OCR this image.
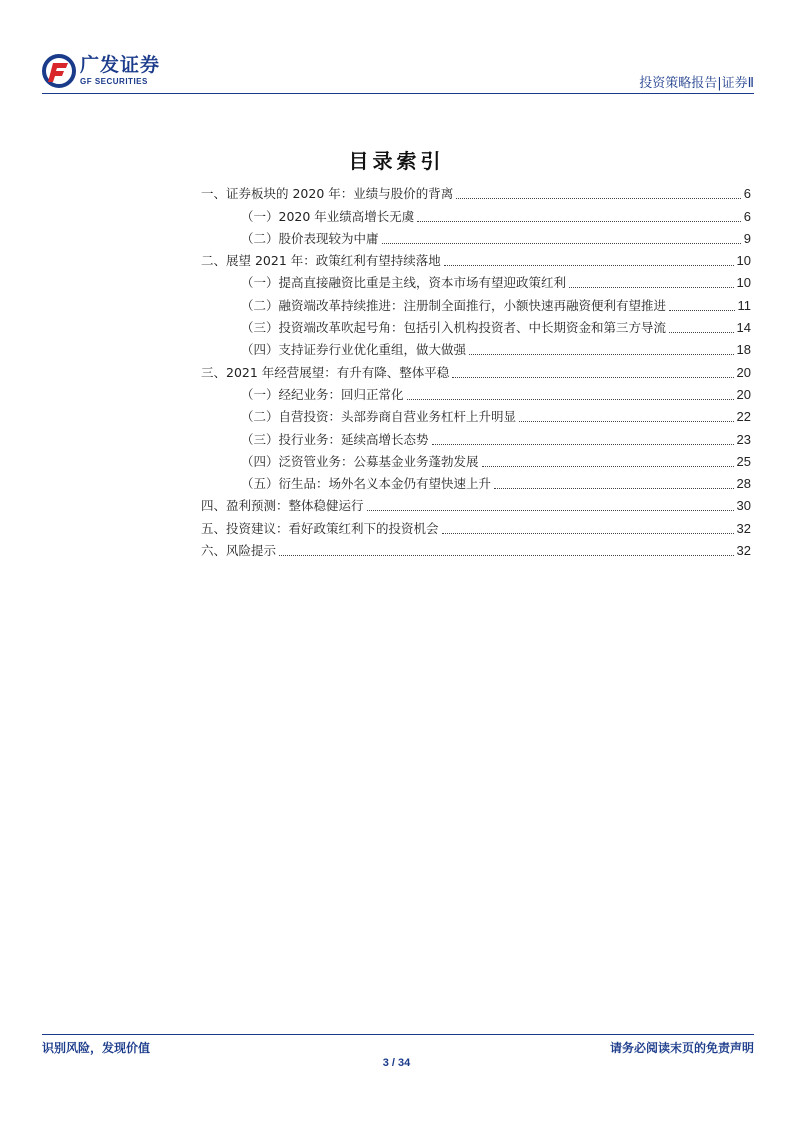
广发证券
GF SECURITIES	投资策略报告|证券Ⅱ
目录索引
一、证券板块的 2020 年：业绩与股价的背离	6
（一）2020 年业绩高增长无虞	6
（二）股价表现较为中庸	9
二、展望 2021 年：政策红利有望持续落地	10
（一）提高直接融资比重是主线，资本市场有望迎政策红利	10
（二）融资端改革持续推进：注册制全面推行，小额快速再融资便利有望推进	11
（三）投资端改革吹起号角：包括引入机构投资者、中长期资金和第三方导流	14
（四）支持证券行业优化重组，做大做强	18
三、2021 年经营展望：有升有降、整体平稳	20
（一）经纪业务：回归正常化	20
（二）自营投资：头部券商自营业务杠杆上升明显	22
（三）投行业务：延续高增长态势	23
（四）泛资管业务：公募基金业务蓬勃发展	25
（五）衍生品：场外名义本金仍有望快速上升	28
四、盈利预测：整体稳健运行	30
五、投资建议：看好政策红利下的投资机会	32
六、风险提示	32
识别风险，发现价值	请务必阅读末页的免责声明
3 / 34
